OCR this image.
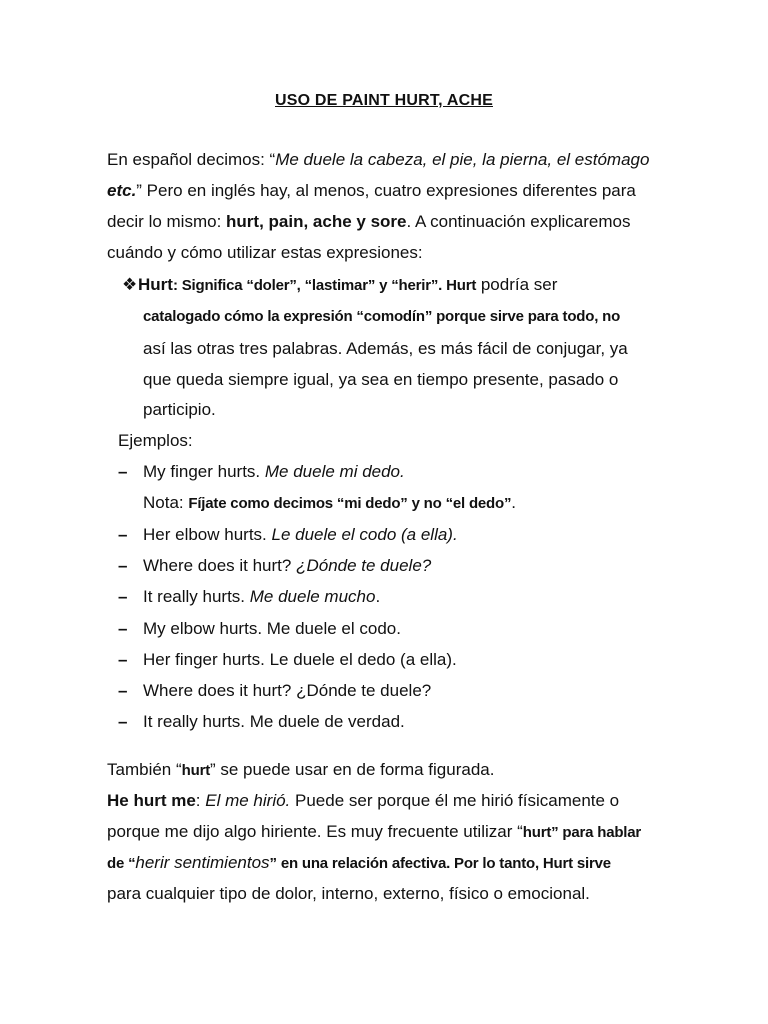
USO DE PAINT HURT, ACHE
En español decimos: “Me duele la cabeza, el pie, la pierna, el estómago
etc.” Pero en inglés hay, al menos, cuatro expresiones diferentes para
decir lo mismo: hurt, pain, ache y sore. A continuación explicaremos
cuándo y cómo utilizar estas expresiones:
❖Hurt: Significa “doler”, “lastimar” y “herir”. Hurt podría ser
catalogado cómo la expresión “comodín” porque sirve para todo, no
así las otras tres palabras. Además, es más fácil de conjugar, ya
que queda siempre igual, ya sea en tiempo presente, pasado o
participio.
Ejemplos:
– My finger hurts. Me duele mi dedo.
Nota: Fíjate como decimos “mi dedo” y no “el dedo”.
– Her elbow hurts. Le duele el codo (a ella).
– Where does it hurt? ¿Dónde te duele?
– It really hurts. Me duele mucho.
– My elbow hurts. Me duele el codo.
– Her finger hurts. Le duele el dedo (a ella).
– Where does it hurt? ¿Dónde te duele?
– It really hurts. Me duele de verdad.
También “hurt” se puede usar en de forma figurada.
He hurt me: El me hirió. Puede ser porque él me hirió físicamente o
porque me dijo algo hiriente. Es muy frecuente utilizar “hurt” para hablar
de “herir sentimientos” en una relación afectiva. Por lo tanto, Hurt sirve
para cualquier tipo de dolor, interno, externo, físico o emocional.
